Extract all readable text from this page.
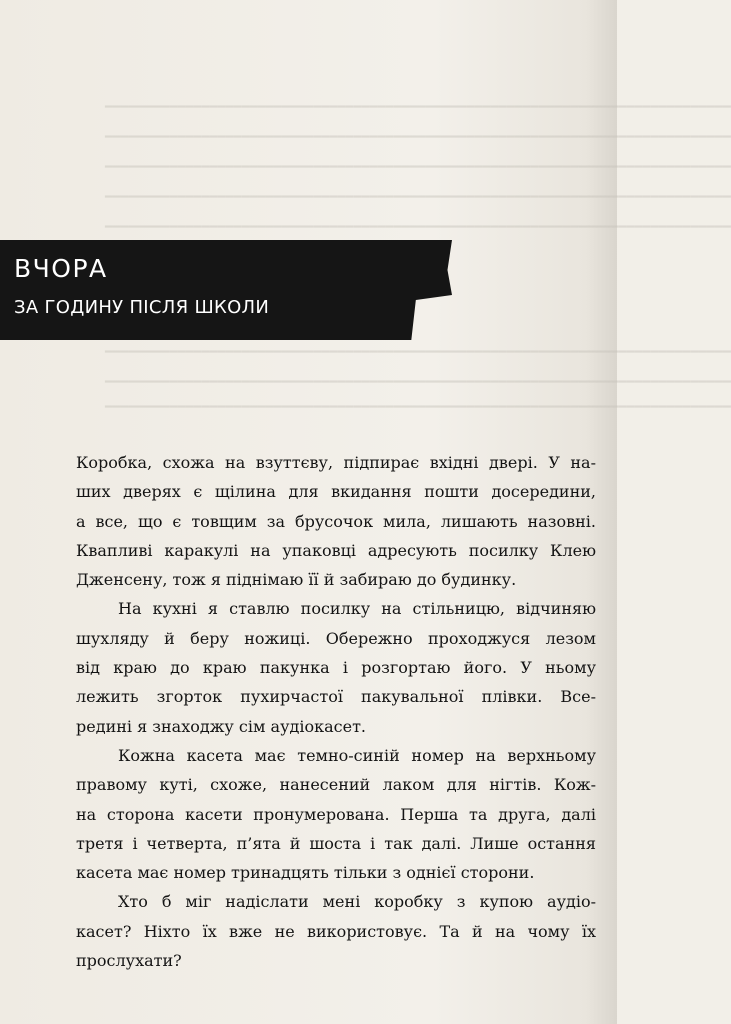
━━━━━━━━━━━━━━━━━━━━━━━━━━━━━━━━━━━━━━━━━━━━━━━━━━━━━━━━━━━━━━━━━━━━━━━━━━━━━━
━━━━━━━━━━━━━━━━━━━━━━━━━━━━━━━━━━━━━━━━━━━━━━━━━━━━━━━━━━━━━━━━━━━━━━━━━━━━━━
━━━━━━━━━━━━━━━━━━━━━━━━━━━━━━━━━━━━━━━━━━━━━━━━━━━━━━━━━━━━━━━━━━━━━━━━━━━━━━
━━━━━━━━━━━━━━━━━━━━━━━━━━━━━━━━━━━━━━━━━━━━━━━━━━━━━━━━━━━━━━━━━━━━━━━━━━━━━━
━━━━━━━━━━━━━━━━━━━━━━━━━━━━━━━━━━━━━━━━━━━━━━━━━━━━━━━━━━━━━━━━━━━━━━━━━━━━━━
━━━━━━━━━━━━━━━━━━━━━━━━━━━━━━━━━━━━━━━━━━━━━━━━━━━━━━━━━━━━━━━━━━━━━━━━━━━━━━
━━━━━━━━━━━━━━━━━━━━━━━━━━━━━━━━━━━━━━━━━━━━━━━━━━━━━━━━━━━━━━━━━━━━━━━━━━━━━━
━━━━━━━━━━━━━━━━━━━━━━━━━━━━━━━━━━━━━━━━━━━━━━━━━━━━━━━━━━━━━━━━━━━━━━━━━━━━━━
ВЧОРА
ЗА ГОДИНУ ПІСЛЯ ШКОЛИ
Коробка, схожа на взуттєву, підпирає вхідні двері. У на-
ших дверях є щілина для вкидання пошти досередини,
а все, що є товщим за брусочок мила, лишають назовні.
Квапливі каракулі на упаковці адресують посилку Клею
Дженсену, тож я піднімаю її й забираю до будинку.
На кухні я ставлю посилку на стільницю, відчиняю
шухляду й беру ножиці. Обережно проходжуся лезом
від краю до краю пакунка і розгортаю його. У ньому
лежить згорток пухирчастої пакувальної плівки. Все-
редині я знаходжу сім аудіокасет.
Кожна касета має темно-синій номер на верхньому
правому куті, схоже, нанесений лаком для нігтів. Кож-
на сторона касети пронумерована. Перша та друга, далі
третя і четверта, п’ята й шоста і так далі. Лише остання
касета має номер тринадцять тільки з однієї сторони.
Хто б міг надіслати мені коробку з купою аудіо-
касет? Ніхто їх вже не використовує. Та й на чому їх
прослухати?
